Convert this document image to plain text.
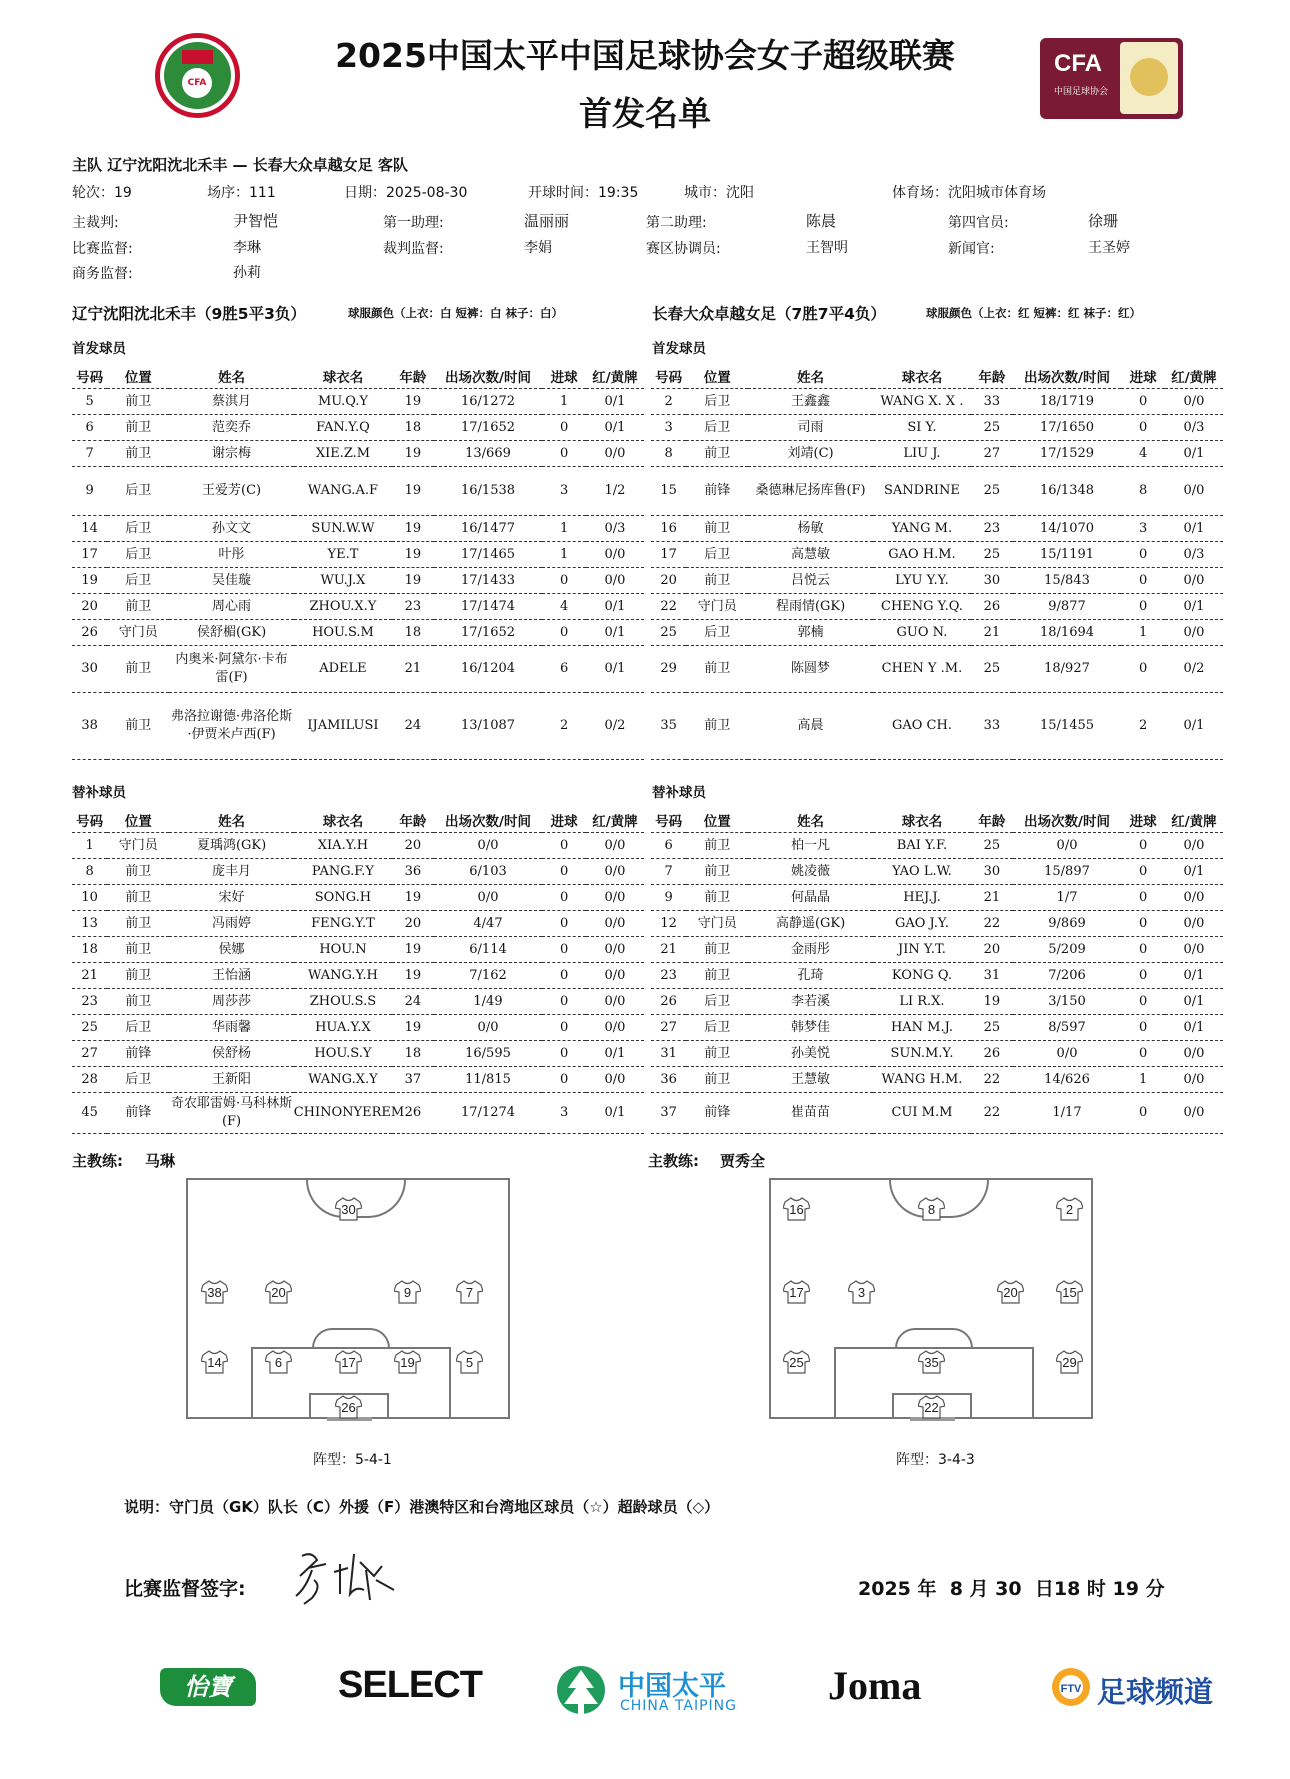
CFA
2025中国太平中国足球协会女子超级联赛
首发名单
CFA
中国足球协会
主队 辽宁沈阳沈北禾丰 — 长春大众卓越女足 客队
轮次：19	场序：111	日期：2025-08-30	开球时间：19:35	城市：沈阳	体育场：沈阳城市体育场
主裁判:	尹智恺	第一助理:	温丽丽	第二助理:	陈晨	第四官员:	徐珊
比赛监督:	李琳	裁判监督:	李娟	赛区协调员:	王智明	新闻官:	王圣婷
商务监督:	孙莉
辽宁沈阳沈北禾丰（9胜5平3负）	球服颜色（上衣：白 短裤：白 袜子：白）	长春大众卓越女足（7胜7平4负）	球服颜色（上衣：红 短裤：红 袜子：红）
首发球员	首发球员
号码	位置	姓名	球衣名	年龄	出场次数/时间	进球	红/黄牌
5	前卫	蔡淇月	MU.Q.Y	19	16/1272	1	0/1
6	前卫	范奕乔	FAN.Y.Q	18	17/1652	0	0/1
7	前卫	谢宗梅	XIE.Z.M	19	13/669	0	0/0
9	后卫	王爱芳(C)	WANG.A.F	19	16/1538	3	1/2
14	后卫	孙文文	SUN.W.W	19	16/1477	1	0/3
17	后卫	叶彤	YE.T	19	17/1465	1	0/0
19	后卫	吴佳璇	WU.J.X	19	17/1433	0	0/0
20	前卫	周心雨	ZHOU.X.Y	23	17/1474	4	0/1
26	守门员	侯舒楣(GK)	HOU.S.M	18	17/1652	0	0/1
30	前卫	内奥米·阿黛尔·卡布雷(F)	ADELE	21	16/1204	6	0/1
38	前卫	弗洛拉谢德·弗洛伦斯·伊贾米卢西(F)	IJAMILUSI	24	13/1087	2	0/2
号码	位置	姓名	球衣名	年龄	出场次数/时间	进球	红/黄牌
2	后卫	王鑫鑫	WANG X. X .	33	18/1719	0	0/0
3	后卫	司雨	SI Y.	25	17/1650	0	0/3
8	前卫	刘靖(C)	LIU J.	27	17/1529	4	0/1
15	前锋	桑德琳尼扬库鲁(F)	SANDRINE	25	16/1348	8	0/0
16	前卫	杨敏	YANG M.	23	14/1070	3	0/1
17	后卫	高慧敏	GAO H.M.	25	15/1191	0	0/3
20	前卫	吕悦云	LYU Y.Y.	30	15/843	0	0/0
22	守门员	程雨情(GK)	CHENG Y.Q.	26	9/877	0	0/1
25	后卫	郭楠	GUO N.	21	18/1694	1	0/0
29	前卫	陈圆梦	CHEN Y .M.	25	18/927	0	0/2
35	前卫	高晨	GAO CH.	33	15/1455	2	0/1
替补球员	替补球员
号码	位置	姓名	球衣名	年龄	出场次数/时间	进球	红/黄牌
1	守门员	夏瑀鸿(GK)	XIA.Y.H	20	0/0	0	0/0
8	前卫	庞丰月	PANG.F.Y	36	6/103	0	0/0
10	前卫	宋好	SONG.H	19	0/0	0	0/0
13	前卫	冯雨婷	FENG.Y.T	20	4/47	0	0/0
18	前卫	侯娜	HOU.N	19	6/114	0	0/0
21	前卫	王怡涵	WANG.Y.H	19	7/162	0	0/0
23	前卫	周莎莎	ZHOU.S.S	24	1/49	0	0/0
25	后卫	华雨馨	HUA.Y.X	19	0/0	0	0/0
27	前锋	侯舒杨	HOU.S.Y	18	16/595	0	0/1
28	后卫	王新阳	WANG.X.Y	37	11/815	0	0/0
45	前锋	奇农耶雷姆·马科林斯(F)	CHINONYEREM	26	17/1274	3	0/1
号码	位置	姓名	球衣名	年龄	出场次数/时间	进球	红/黄牌
6	前卫	柏一凡	BAI Y.F.	25	0/0	0	0/0
7	前卫	姚凌薇	YAO L.W.	30	15/897	0	0/1
9	前卫	何晶晶	HEJ.J.	21	1/7	0	0/0
12	守门员	高静遥(GK)	GAO J.Y.	22	9/869	0	0/0
21	前卫	金雨彤	JIN Y.T.	20	5/209	0	0/0
23	前卫	孔琦	KONG Q.	31	7/206	0	0/1
26	后卫	李若溪	LI R.X.	19	3/150	0	0/1
27	后卫	韩梦佳	HAN M.J.	25	8/597	0	0/1
31	前卫	孙美悦	SUN.M.Y.	26	0/0	0	0/0
36	前卫	王慧敏	WANG H.M.	22	14/626	1	0/0
37	前锋	崔苗苗	CUI M.M	22	1/17	0	0/0
主教练: 马琳	主教练: 贾秀全
30
38	20	9	7
14	6	17	19	5
26
16	8	2
17	3	20	15
25	35	29
22
阵型：5-4-1	阵型：3-4-3
说明：守门员（GK）队长（C）外援（F）港澳特区和台湾地区球员（☆）超龄球员（◇）
比赛监督签字:	2025 年  8 月 30  日18 时 19 分
怡寶	SELECT	中国太平
CHINA TAIPING Joma	FTV 足球频道
